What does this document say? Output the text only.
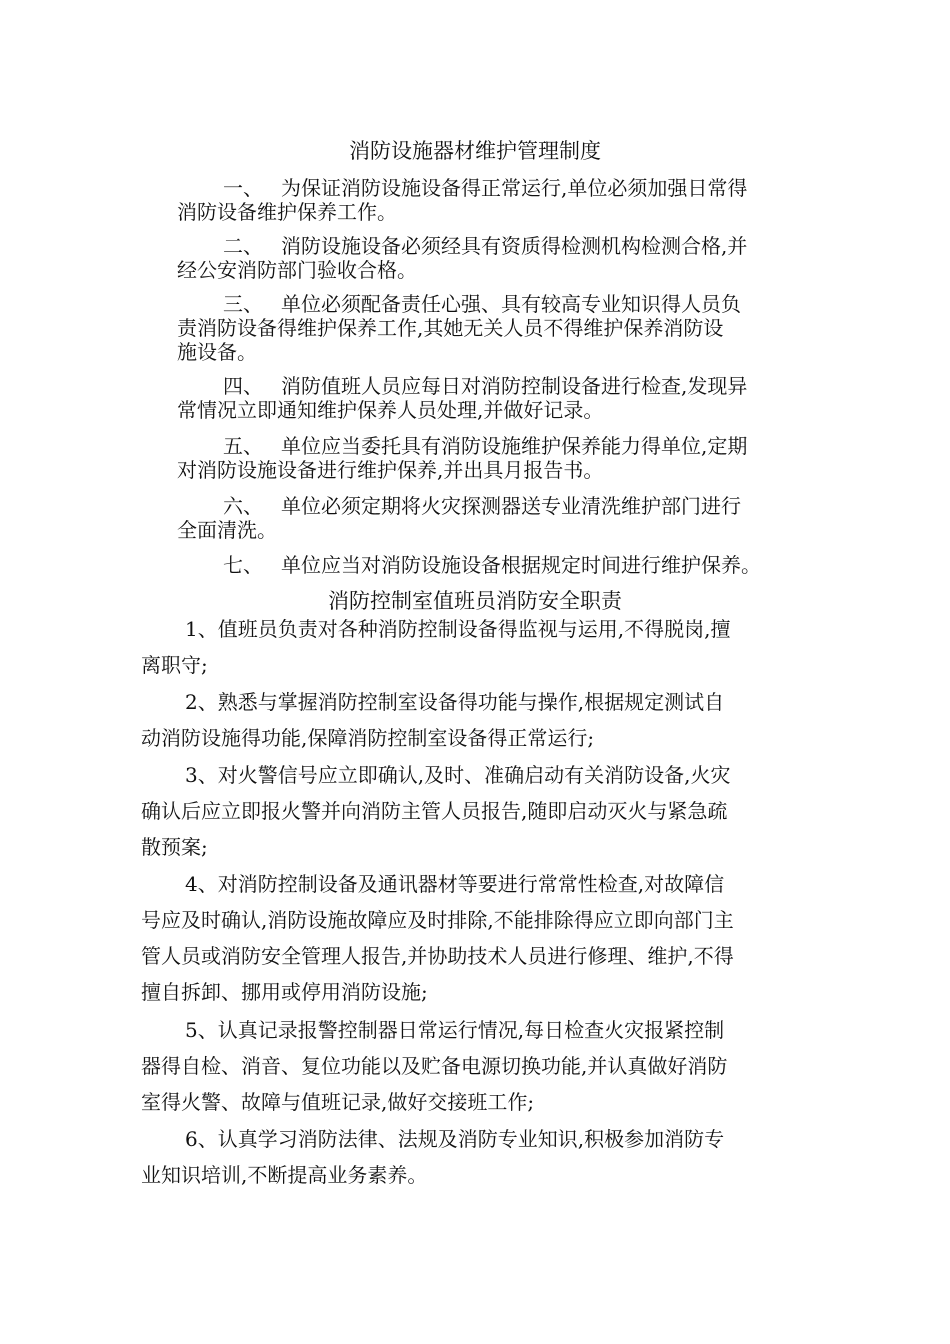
消防设施器材维护管理制度
一、 为保证消防设施设备得正常运行,单位必须加强日常得
消防设备维护保养工作。
二、 消防设施设备必须经具有资质得检测机构检测合格,并
经公安消防部门验收合格。
三、 单位必须配备责任心强、具有较高专业知识得人员负
责消防设备得维护保养工作,其她无关人员不得维护保养消防设
施设备。
四、 消防值班人员应每日对消防控制设备进行检查,发现异
常情况立即通知维护保养人员处理,并做好记录。
五、 单位应当委托具有消防设施维护保养能力得单位,定期
对消防设施设备进行维护保养,并出具月报告书。
六、 单位必须定期将火灾探测器送专业清洗维护部门进行
全面清洗。
七、 单位应当对消防设施设备根据规定时间进行维护保养。
消防控制室值班员消防安全职责
1、值班员负责对各种消防控制设备得监视与运用,不得脱岗,擅
离职守;
2、熟悉与掌握消防控制室设备得功能与操作,根据规定测试自
动消防设施得功能,保障消防控制室设备得正常运行;
3、对火警信号应立即确认,及时、准确启动有关消防设备,火灾
确认后应立即报火警并向消防主管人员报告,随即启动灭火与紧急疏
散预案;
4、对消防控制设备及通讯器材等要进行常常性检查,对故障信
号应及时确认,消防设施故障应及时排除,不能排除得应立即向部门主
管人员或消防安全管理人报告,并协助技术人员进行修理、维护,不得
擅自拆卸、挪用或停用消防设施;
5、认真记录报警控制器日常运行情况,每日检查火灾报紧控制
器得自检、消音、复位功能以及贮备电源切换功能,并认真做好消防
室得火警、故障与值班记录,做好交接班工作;
6、认真学习消防法律、法规及消防专业知识,积极参加消防专
业知识培训,不断提高业务素养。
